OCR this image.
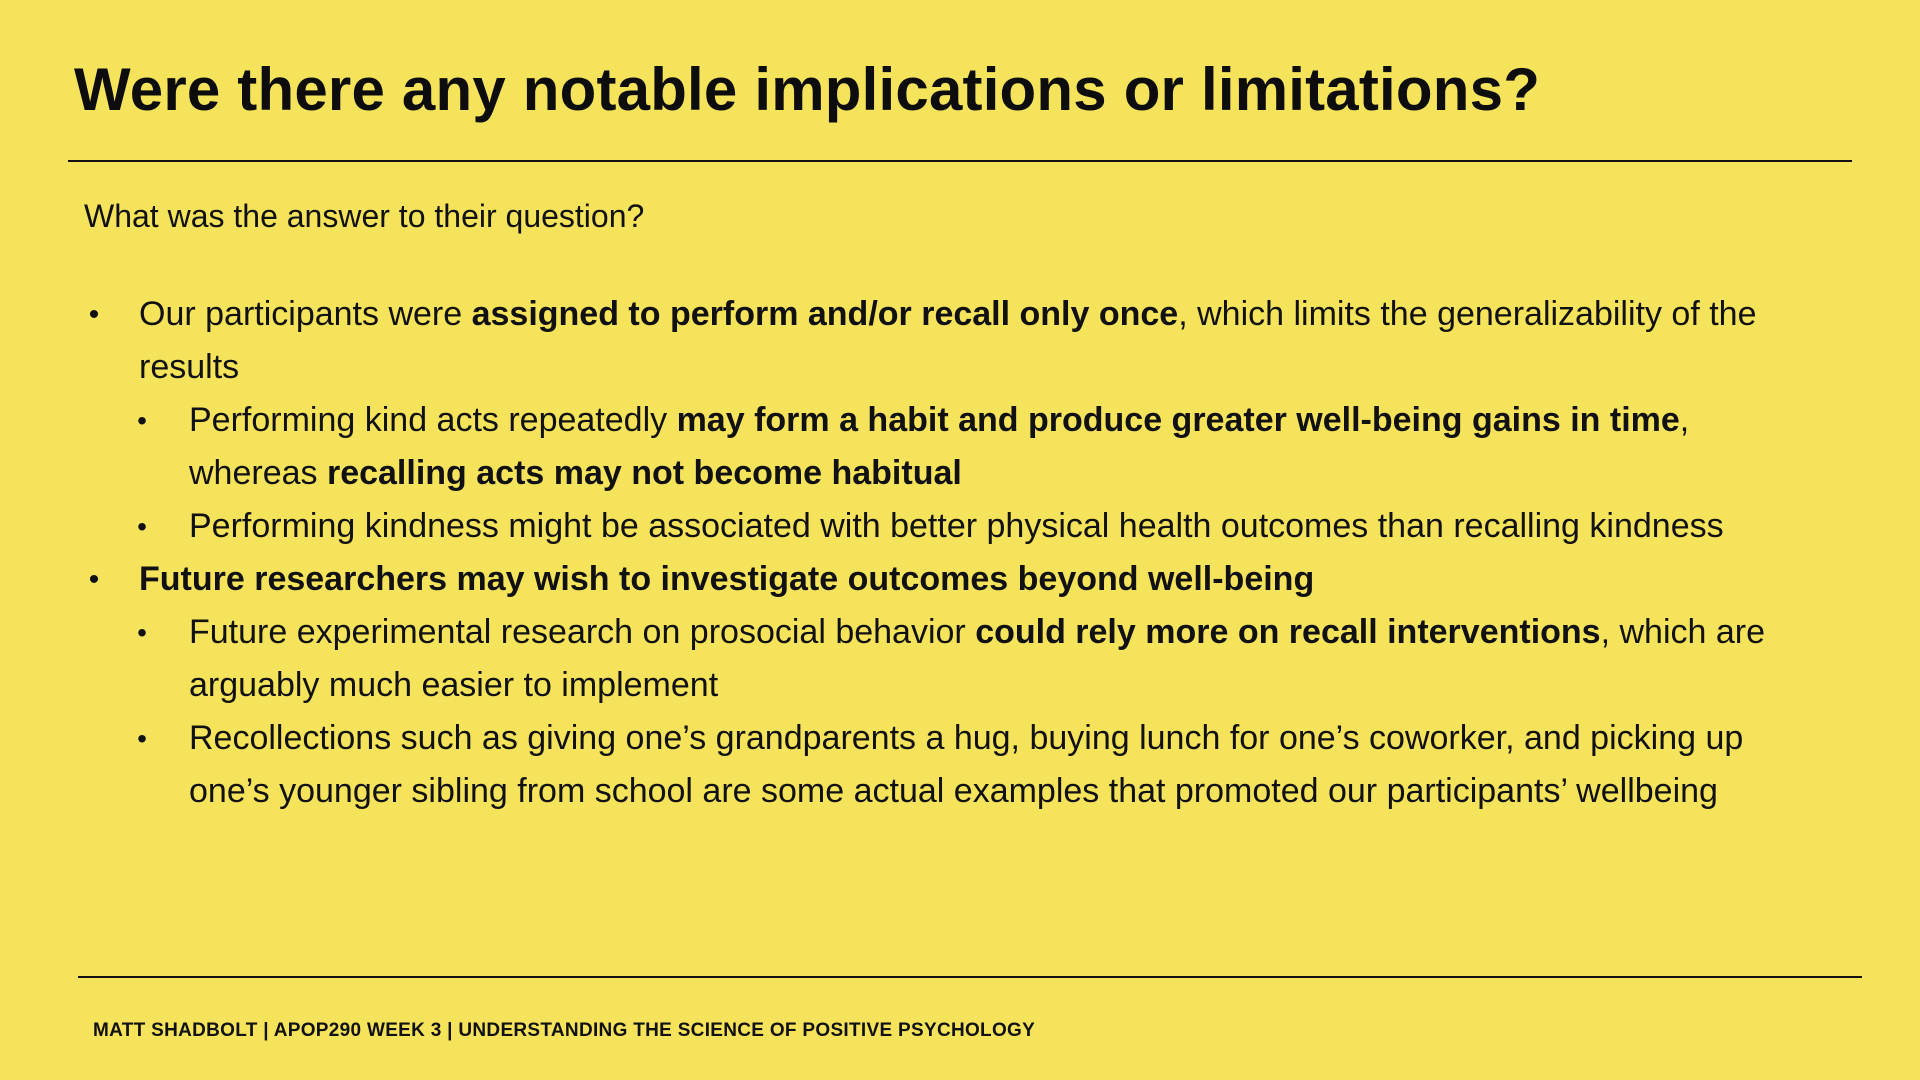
Were there any notable implications or limitations?
What was the answer to their question?

• Our participants were assigned to perform and/or recall only once, which limits the generalizability of the results

• Performing kind acts repeatedly may form a habit and produce greater well-being gains in time, whereas recalling acts may not become habitual

• Performing kindness might be associated with better physical health outcomes than recalling kindness

• Future researchers may wish to investigate outcomes beyond well-being

• Future experimental research on prosocial behavior could rely more on recall interventions, which are arguably much easier to implement

• Recollections such as giving one’s grandparents a hug, buying lunch for one’s coworker, and picking up one’s younger sibling from school are some actual examples that promoted our participants’ wellbeing

MATT SHADBOLT | APOP290 WEEK 3 | UNDERSTANDING THE SCIENCE OF POSITIVE PSYCHOLOGY
